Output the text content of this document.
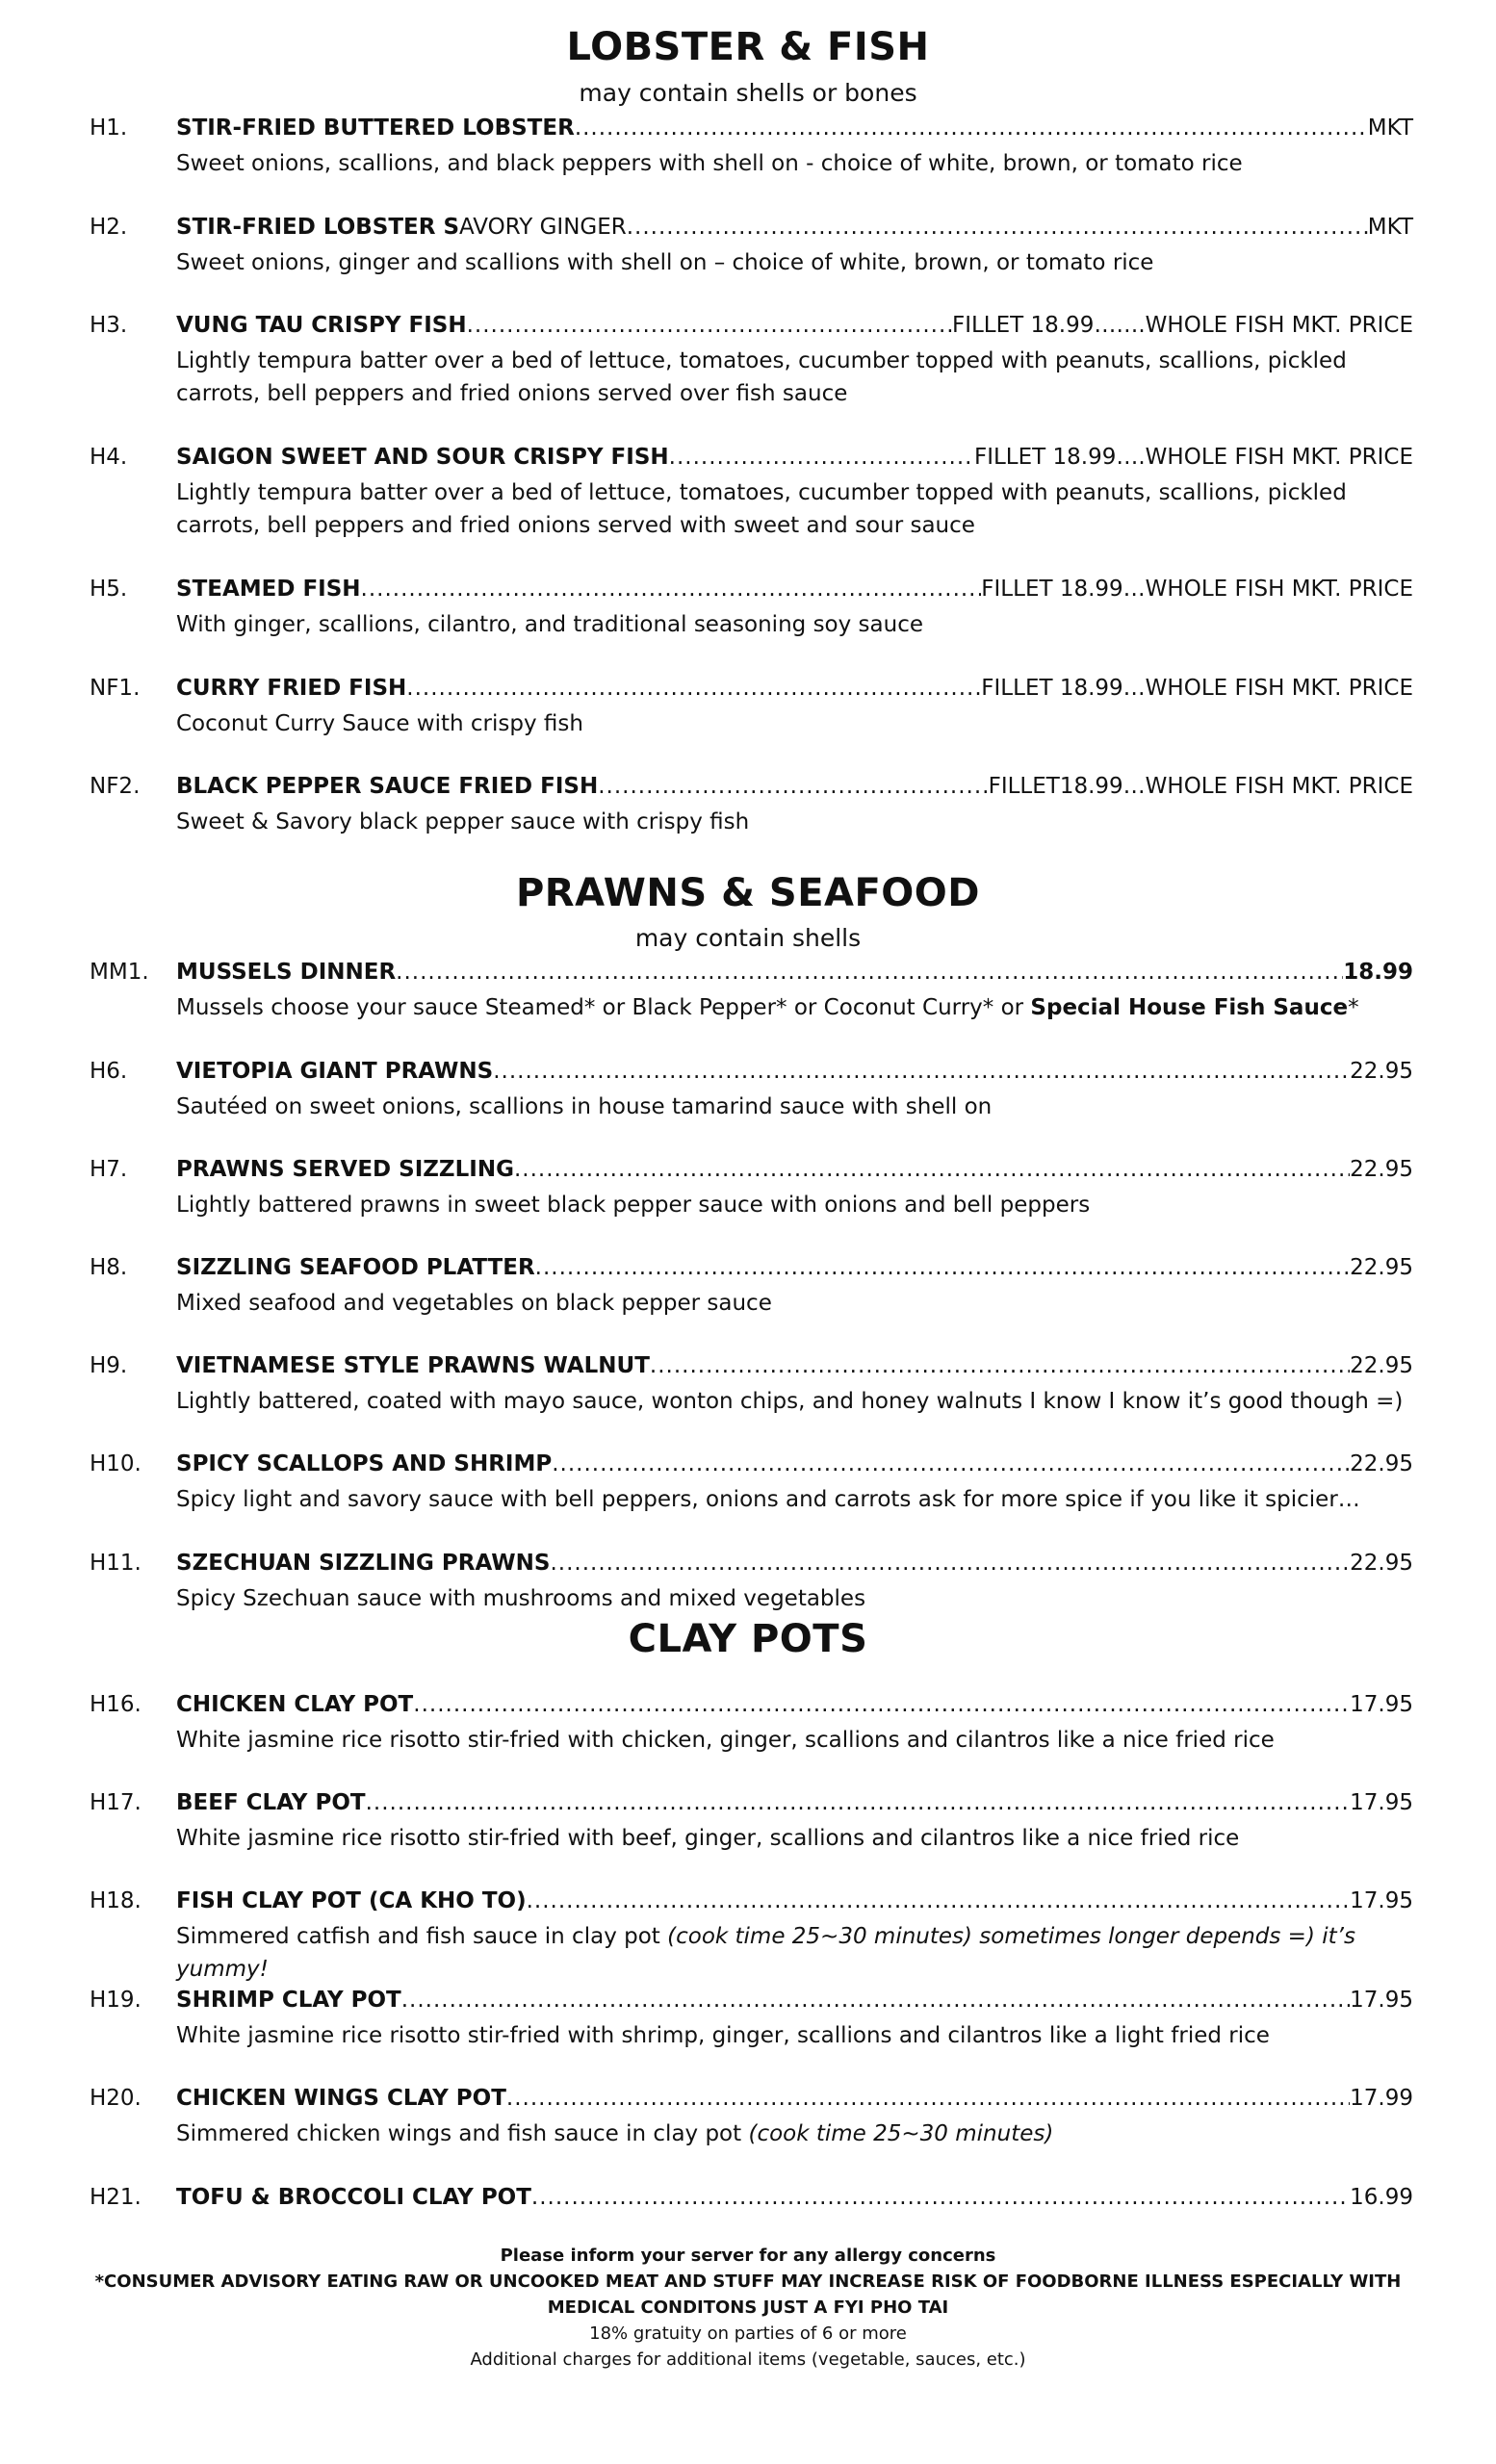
LOBSTER & FISH

may contain shells or bones

H1. STIR-FRIED BUTTERED LOBSTER .....	MKT
Sweet onions, scallions, and black peppers with shell on - choice of white, brown, or tomato rice
H2. STIR-FRIED LOBSTER S AVORY GINGER .....	MKT
Sweet onions, ginger and scallions with shell on – choice of white, brown, or tomato rice
H3. VUNG TAU CRISPY FISH .....	FILLET 18.99…….WHOLE FISH MKT. PRICE
Lightly tempura batter over a bed of lettuce, tomatoes, cucumber topped with peanuts, scallions, pickled carrots, bell peppers and fried onions served over fish sauce
H4. SAIGON SWEET AND SOUR CRISPY FISH .....	FILLET 18.99….WHOLE FISH MKT. PRICE
Lightly tempura batter over a bed of lettuce, tomatoes, cucumber topped with peanuts, scallions, pickled carrots, bell peppers and fried onions served with sweet and sour sauce
H5. STEAMED FISH .....	FILLET 18.99…WHOLE FISH MKT. PRICE
With ginger, scallions, cilantro, and traditional seasoning soy sauce
NF1. CURRY FRIED FISH .....	FILLET 18.99…WHOLE FISH MKT. PRICE
Coconut Curry Sauce with crispy fish
NF2. BLACK PEPPER SAUCE FRIED FISH .....	FILLET18.99…WHOLE FISH MKT. PRICE
Sweet & Savory black pepper sauce with crispy fish
PRAWNS & SEAFOOD

may contain shells

MM1. MUSSELS DINNER .....	18.99
Mussels choose your sauce Steamed* or Black Pepper* or Coconut Curry* or Special House Fish Sauce*
H6. VIETOPIA GIANT PRAWNS .....	22.95
Sautéed on sweet onions, scallions in house tamarind sauce with shell on
H7. PRAWNS SERVED SIZZLING .....	22.95
Lightly battered prawns in sweet black pepper sauce with onions and bell peppers
H8. SIZZLING SEAFOOD PLATTER .....	22.95
Mixed seafood and vegetables on black pepper sauce
H9. VIETNAMESE STYLE PRAWNS WALNUT .....	22.95
Lightly battered, coated with mayo sauce, wonton chips, and honey walnuts I know I know it’s good though =)
H10. SPICY SCALLOPS AND SHRIMP .....	22.95
Spicy light and savory sauce with bell peppers, onions and carrots ask for more spice if you like it spicier…
H11. SZECHUAN SIZZLING PRAWNS .....	22.95
Spicy Szechuan sauce with mushrooms and mixed vegetables
CLAY POTS
H16. CHICKEN CLAY POT .....	17.95
White jasmine rice risotto stir-fried with chicken, ginger, scallions and cilantros like a nice fried rice
H17. BEEF CLAY POT .....	17.95
White jasmine rice risotto stir-fried with beef, ginger, scallions and cilantros like a nice fried rice
H18. FISH CLAY POT (CA KHO TO) .....	17.95
Simmered catfish and fish sauce in clay pot (cook time 25~30 minutes) sometimes longer depends =) it’s yummy!
H19. SHRIMP CLAY POT .....	17.95
White jasmine rice risotto stir-fried with shrimp, ginger, scallions and cilantros like a light fried rice
H20. CHICKEN WINGS CLAY POT .....	17.99
Simmered chicken wings and fish sauce in clay pot (cook time 25~30 minutes)
H21. TOFU & BROCCOLI CLAY POT .....	16.99
Please inform your server for any allergy concerns
*CONSUMER ADVISORY EATING RAW OR UNCOOKED MEAT AND STUFF MAY INCREASE RISK OF FOODBORNE ILLNESS ESPECIALLY WITH
MEDICAL CONDITONS JUST A FYI PHO TAI
18% gratuity on parties of 6 or more
Additional charges for additional items (vegetable, sauces, etc.)
